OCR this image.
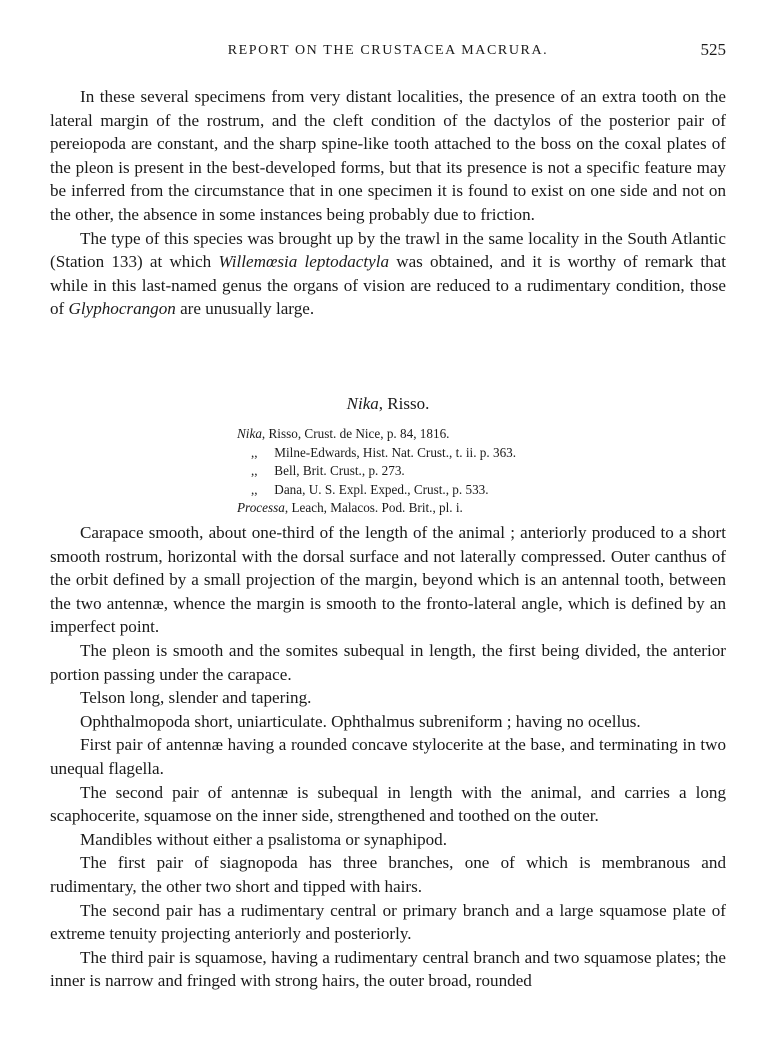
REPORT ON THE CRUSTACEA MACRURA.	525

In these several specimens from very distant localities, the presence of an extra tooth on the lateral margin of the rostrum, and the cleft condition of the dactylos of the posterior pair of pereiopoda are constant, and the sharp spine-like tooth attached to the boss on the coxal plates of the pleon is present in the best-developed forms, but that its presence is not a specific feature may be inferred from the circumstance that in one specimen it is found to exist on one side and not on the other, the absence in some instances being probably due to friction.

The type of this species was brought up by the trawl in the same locality in the South Atlantic (Station 133) at which Willemœsia leptodactyla was obtained, and it is worthy of remark that while in this last-named genus the organs of vision are reduced to a rudimentary condition, those of Glyphocrangon are unusually large.

Nika, Risso.
Nika, Risso, Crust. de Nice, p. 84, 1816.
,, Milne-Edwards, Hist. Nat. Crust., t. ii. p. 363.
,, Bell, Brit. Crust., p. 273.
,, Dana, U. S. Expl. Exped., Crust., p. 533.
Processa, Leach, Malacos. Pod. Brit., pl. i.

Carapace smooth, about one-third of the length of the animal ; anteriorly produced to a short smooth rostrum, horizontal with the dorsal surface and not laterally compressed. Outer canthus of the orbit defined by a small projection of the margin, beyond which is an antennal tooth, between the two antennæ, whence the margin is smooth to the fronto-lateral angle, which is defined by an imperfect point.

The pleon is smooth and the somites subequal in length, the first being divided, the anterior portion passing under the carapace.

Telson long, slender and tapering.

Ophthalmopoda short, uniarticulate. Ophthalmus subreniform ; having no ocellus.

First pair of antennæ having a rounded concave stylocerite at the base, and terminating in two unequal flagella.

The second pair of antennæ is subequal in length with the animal, and carries a long scaphocerite, squamose on the inner side, strengthened and toothed on the outer.

Mandibles without either a psalistoma or synaphipod.

The first pair of siagnopoda has three branches, one of which is membranous and rudimentary, the other two short and tipped with hairs.

The second pair has a rudimentary central or primary branch and a large squamose plate of extreme tenuity projecting anteriorly and posteriorly.

The third pair is squamose, having a rudimentary central branch and two squamose plates; the inner is narrow and fringed with strong hairs, the outer broad, rounded
